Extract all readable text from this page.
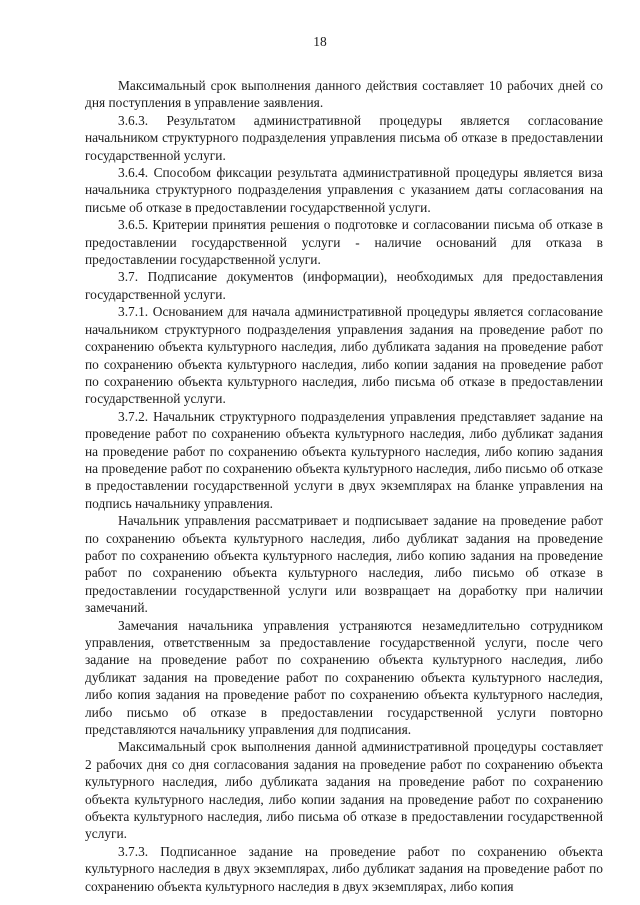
18

Максимальный срок выполнения данного действия составляет 10 рабочих дней со дня поступления в управление заявления.

3.6.3. Результатом административной процедуры является согласование начальником структурного подразделения управления письма об отказе в предоставлении государственной услуги.

3.6.4. Способом фиксации результата административной процедуры является виза начальника структурного подразделения управления с указанием даты согласования на письме об отказе в предоставлении государственной услуги.

3.6.5. Критерии принятия решения о подготовке и согласовании письма об отказе в предоставлении государственной услуги - наличие оснований для отказа в предоставлении государственной услуги.

3.7. Подписание документов (информации), необходимых для предоставления государственной услуги.

3.7.1. Основанием для начала административной процедуры является согласование начальником структурного подразделения управления задания на проведение работ по сохранению объекта культурного наследия, либо дубликата задания на проведение работ по сохранению объекта культурного наследия, либо копии задания на проведение работ по сохранению объекта культурного наследия, либо письма об отказе в предоставлении государственной услуги.

3.7.2. Начальник структурного подразделения управления представляет задание на проведение работ по сохранению объекта культурного наследия, либо дубликат задания на проведение работ по сохранению объекта культурного наследия, либо копию задания на проведение работ по сохранению объекта культурного наследия, либо письмо об отказе в предоставлении государственной услуги в двух экземплярах на бланке управления на подпись начальнику управления.

Начальник управления рассматривает и подписывает задание на проведение работ по сохранению объекта культурного наследия, либо дубликат задания на проведение работ по сохранению объекта культурного наследия, либо копию задания на проведение работ по сохранению объекта культурного наследия, либо письмо об отказе в предоставлении государственной услуги или возвращает на доработку при наличии замечаний.

Замечания начальника управления устраняются незамедлительно сотрудником управления, ответственным за предоставление государственной услуги, после чего задание на проведение работ по сохранению объекта культурного наследия, либо дубликат задания на проведение работ по сохранению объекта культурного наследия, либо копия задания на проведение работ по сохранению объекта культурного наследия, либо письмо об отказе в предоставлении государственной услуги повторно представляются начальнику управления для подписания.

Максимальный срок выполнения данной административной процедуры составляет 2 рабочих дня со дня согласования задания на проведение работ по сохранению объекта культурного наследия, либо дубликата задания на проведение работ по сохранению объекта культурного наследия, либо копии задания на проведение работ по сохранению объекта культурного наследия, либо письма об отказе в предоставлении государственной услуги.

3.7.3. Подписанное задание на проведение работ по сохранению объекта культурного наследия в двух экземплярах, либо дубликат задания на проведение работ по сохранению объекта культурного наследия в двух экземплярах, либо копия
